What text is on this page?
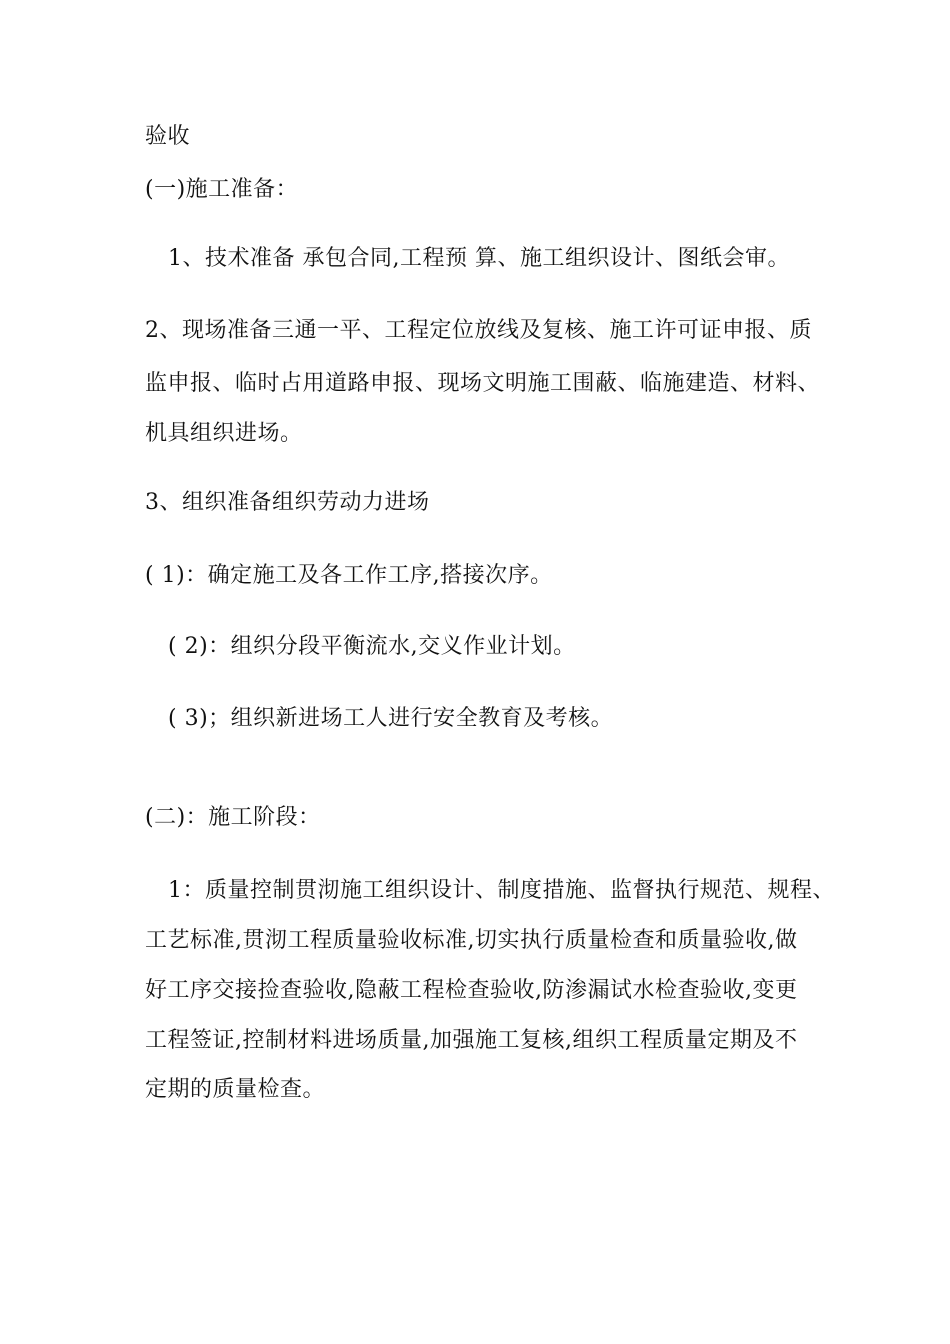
验收
(一)施工准备：
1、技术准备 承包合同,工程预 算、施工组织设计、图纸会审。
2、现场准备三通一平、工程定位放线及复核、施工许可证申报、质
监申报、临时占用道路申报、现场文明施工围蔽、临施建造、材料、
机具组织进场。
3、组织准备组织劳动力进场
( 1)：确定施工及各工作工序,搭接次序。
( 2)：组织分段平衡流水,交义作业计划。
( 3)；组织新进场工人进行安全教育及考核。
(二)：施工阶段：
1：质量控制贯沏施工组织设计、制度措施、监督执行规范、规程、
工艺标准,贯沏工程质量验收标准,切实执行质量检查和质量验收,做
好工序交接捡查验收,隐蔽工程检查验收,防渗漏试水检查验收,变更
工程签证,控制材料进场质量,加强施工复核,组织工程质量定期及不
定期的质量检查。
